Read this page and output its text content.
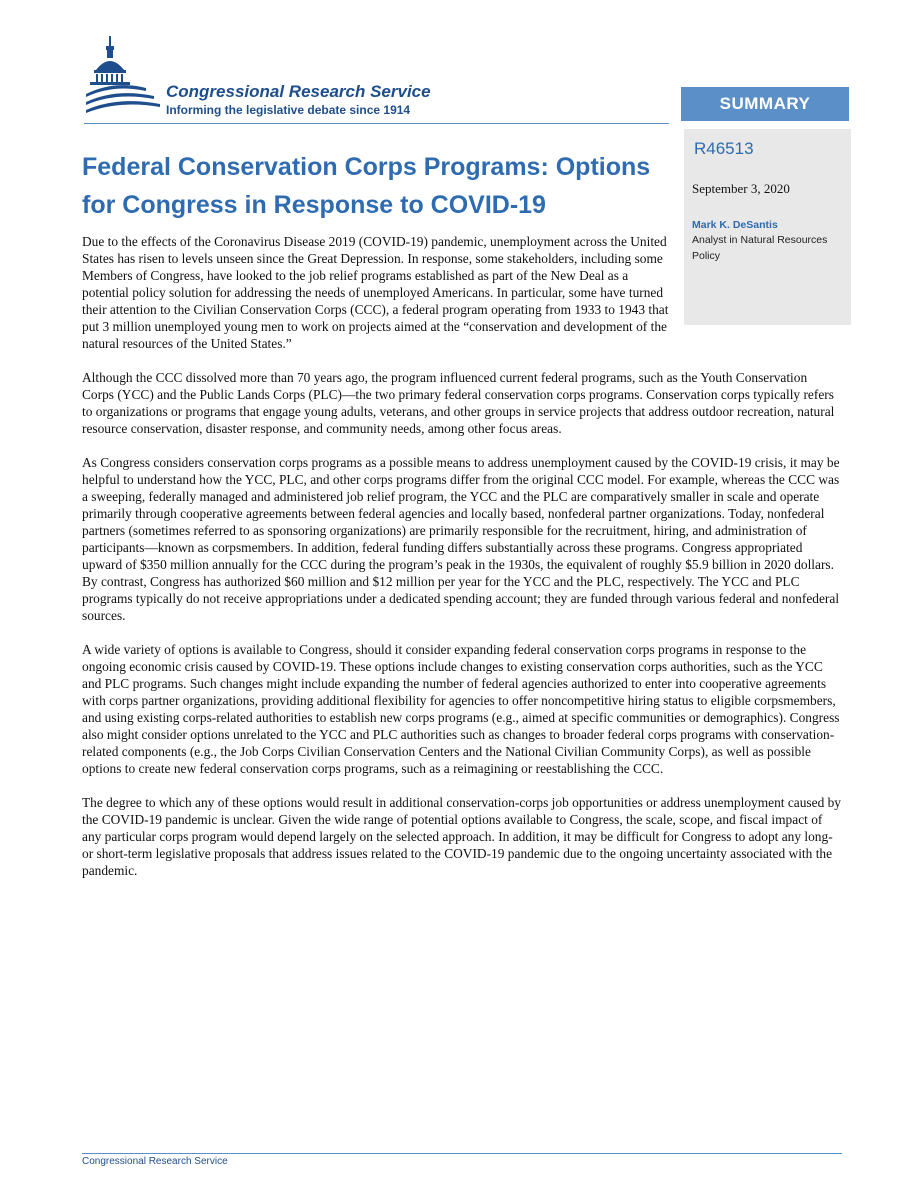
Congressional Research Service

Informing the legislative debate since 1914	SUMMARY

R46513

September 3, 2020

Mark K. DeSantis

Analyst in Natural Resources Policy

Federal Conservation Corps Programs: Options for Congress in Response to COVID-19

Due to the effects of the Coronavirus Disease 2019 (COVID-19) pandemic, unemployment across the United States has risen to levels unseen since the Great Depression. In response, some stakeholders, including some Members of Congress, have looked to the job relief programs established as part of the New Deal as a potential policy solution for addressing the needs of unemployed Americans. In particular, some have turned their attention to the Civilian Conservation Corps (CCC), a federal program operating from 1933 to 1943 that put 3 million unemployed young men to work on projects aimed at the “conservation and development of the natural resources of the United States.”

Although the CCC dissolved more than 70 years ago, the program influenced current federal programs, such as the Youth Conservation Corps (YCC) and the Public Lands Corps (PLC)—the two primary federal conservation corps programs. Conservation corps typically refers to organizations or programs that engage young adults, veterans, and other groups in service projects that address outdoor recreation, natural resource conservation, disaster response, and community needs, among other focus areas.

As Congress considers conservation corps programs as a possible means to address unemployment caused by the COVID-19 crisis, it may be helpful to understand how the YCC, PLC, and other corps programs differ from the original CCC model. For example, whereas the CCC was a sweeping, federally managed and administered job relief program, the YCC and the PLC are comparatively smaller in scale and operate primarily through cooperative agreements between federal agencies and locally based, nonfederal partner organizations. Today, nonfederal partners (sometimes referred to as sponsoring organizations) are primarily responsible for the recruitment, hiring, and administration of participants—known as corpsmembers. In addition, federal funding differs substantially across these programs. Congress appropriated upward of $350 million annually for the CCC during the program’s peak in the 1930s, the equivalent of roughly $5.9 billion in 2020 dollars. By contrast, Congress has authorized $60 million and $12 million per year for the YCC and the PLC, respectively. The YCC and PLC programs typically do not receive appropriations under a dedicated spending account; they are funded through various federal and nonfederal sources.

A wide variety of options is available to Congress, should it consider expanding federal conservation corps programs in response to the ongoing economic crisis caused by COVID-19. These options include changes to existing conservation corps authorities, such as the YCC and PLC programs. Such changes might include expanding the number of federal agencies authorized to enter into cooperative agreements with corps partner organizations, providing additional flexibility for agencies to offer noncompetitive hiring status to eligible corpsmembers, and using existing corps-related authorities to establish new corps programs (e.g., aimed at specific communities or demographics). Congress also might consider options unrelated to the YCC and PLC authorities such as changes to broader federal corps programs with conservation-related components (e.g., the Job Corps Civilian Conservation Centers and the National Civilian Community Corps), as well as possible options to create new federal conservation corps programs, such as a reimagining or reestablishing the CCC.

The degree to which any of these options would result in additional conservation-corps job opportunities or address unemployment caused by the COVID-19 pandemic is unclear. Given the wide range of potential options available to Congress, the scale, scope, and fiscal impact of any particular corps program would depend largely on the selected approach. In addition, it may be difficult for Congress to adopt any long- or short-term legislative proposals that address issues related to the COVID-19 pandemic due to the ongoing uncertainty associated with the pandemic.

Congressional Research Service
